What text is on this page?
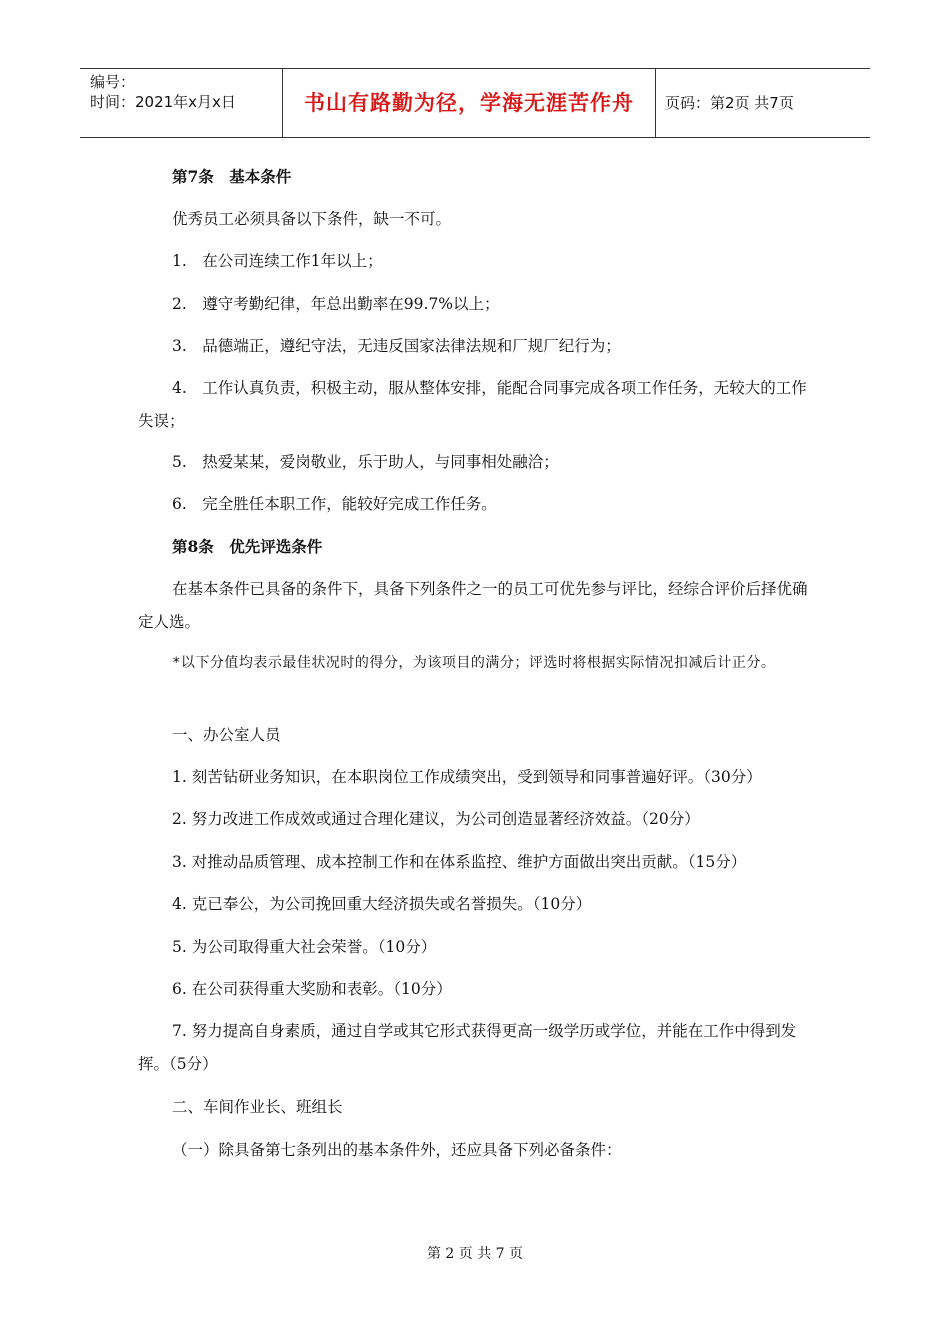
编号：
时间：2021年x月x日	书山有路勤为径，学海无涯苦作舟	页码：第2页 共7页
第7条　基本条件
优秀员工必须具备以下条件，缺一不可。
1.　在公司连续工作1年以上；
2.　遵守考勤纪律，年总出勤率在99.7%以上；
3.　品德端正，遵纪守法，无违反国家法律法规和厂规厂纪行为；
4.　工作认真负责，积极主动，服从整体安排，能配合同事完成各项工作任务，无较大的工作失误；
5.　热爱某某，爱岗敬业，乐于助人，与同事相处融洽；
6.　完全胜任本职工作，能较好完成工作任务。
第8条　优先评选条件
在基本条件已具备的条件下，具备下列条件之一的员工可优先参与评比，经综合评价后择优确定人选。
*以下分值均表示最佳状况时的得分，为该项目的满分；评选时将根据实际情况扣减后计正分。
一、办公室人员
1. 刻苦钻研业务知识，在本职岗位工作成绩突出，受到领导和同事普遍好评。（30分）
2. 努力改进工作成效或通过合理化建议，为公司创造显著经济效益。（20分）
3. 对推动品质管理、成本控制工作和在体系监控、维护方面做出突出贡献。（15分）
4. 克已奉公，为公司挽回重大经济损失或名誉损失。（10分）
5. 为公司取得重大社会荣誉。（10分）
6. 在公司获得重大奖励和表彰。（10分）
7. 努力提高自身素质，通过自学或其它形式获得更高一级学历或学位，并能在工作中得到发挥。（5分）
二、车间作业长、班组长
（一）除具备第七条列出的基本条件外，还应具备下列必备条件：
第 2 页 共 7 页
